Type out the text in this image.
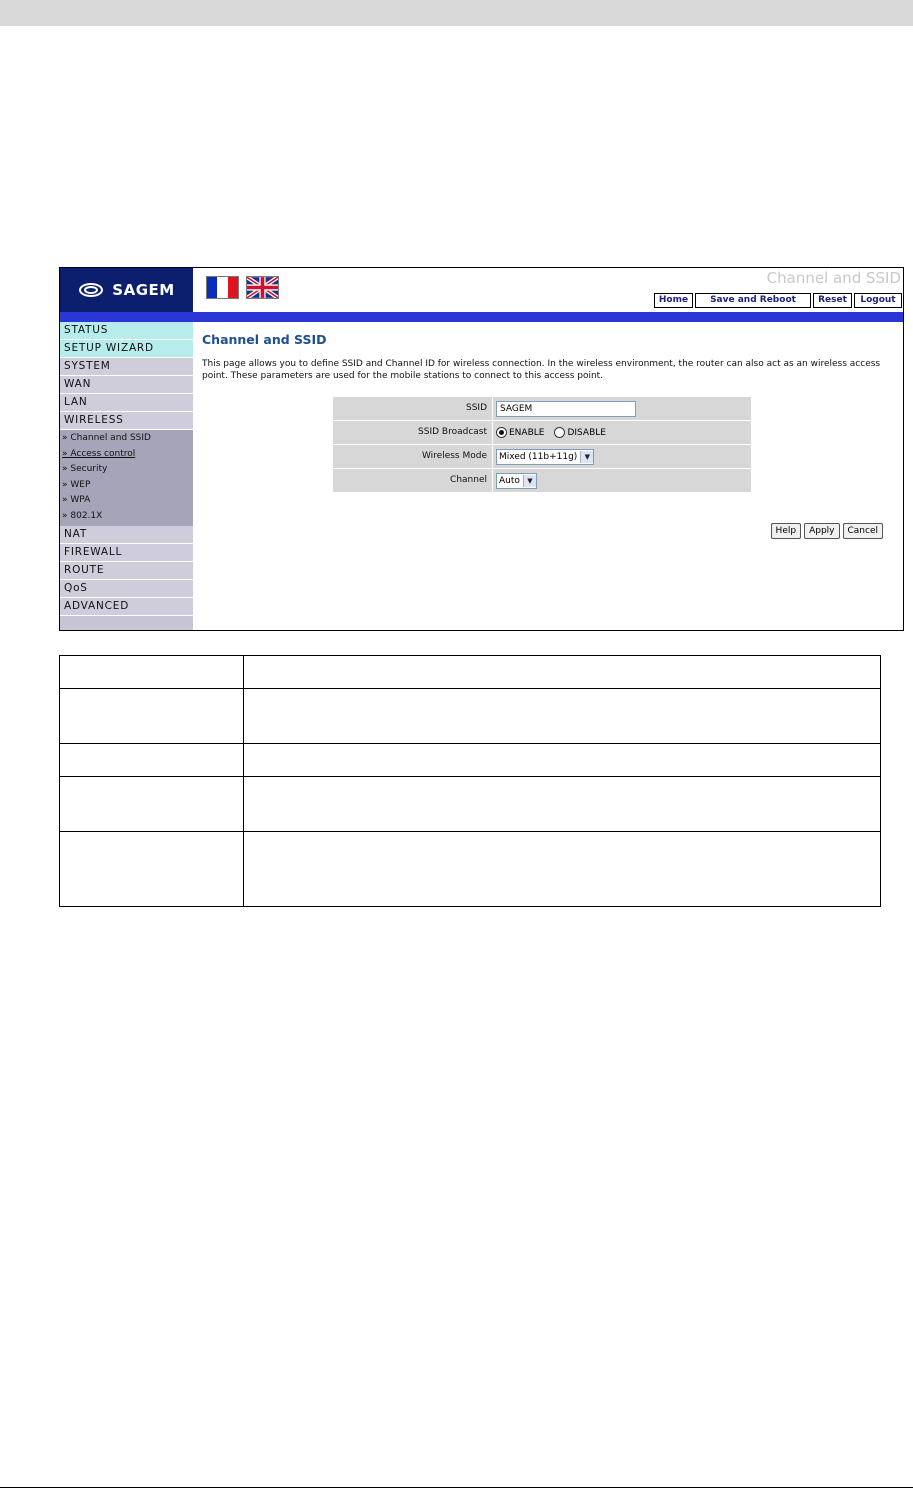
SAGEM
Channel and SSID
Home	Save and Reboot	Reset	Logout
STATUS
SETUP WIZARD
SYSTEM
WAN
LAN
WIRELESS
» Channel and SSID
» Access control
» Security
» WEP
» WPA
» 802.1X
NAT
FIREWALL
ROUTE
QoS
ADVANCED
Channel and SSID
This page allows you to define SSID and Channel ID for wireless connection. In the wireless environment, the router can also act as an wireless access point. These parameters are used for the mobile stations to connect to this access point.
SSID	SAGEM
SSID Broadcast	ENABLE	DISABLE
Wireless Mode	Mixed (11b+11g)	▼
Channel	Auto	▼
Help	Apply	Cancel
